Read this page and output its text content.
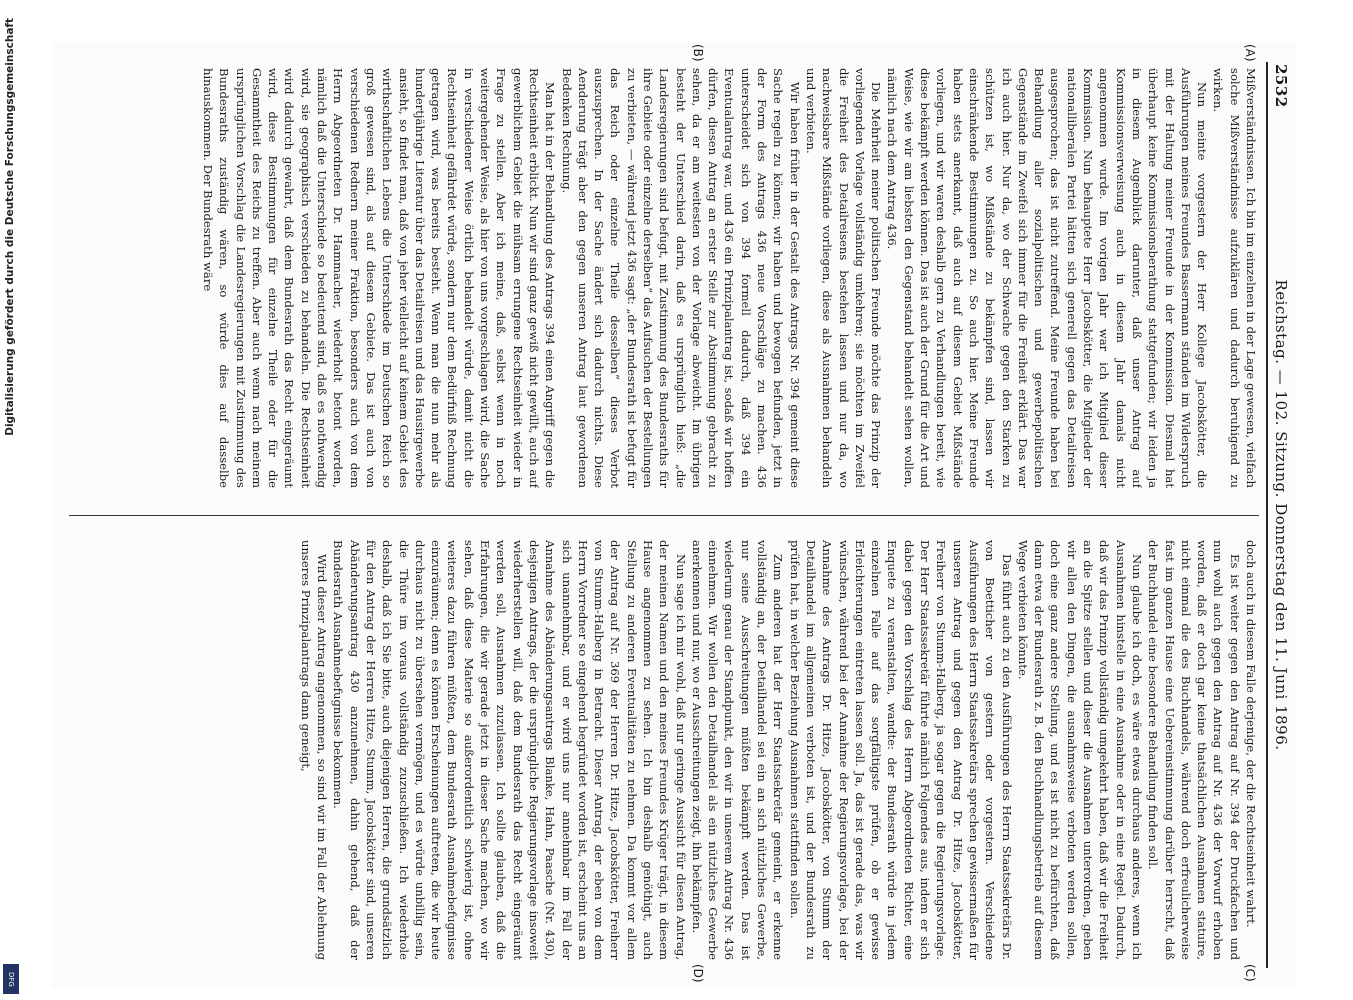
2532
Reichstag. — 102. Sitzung. Donnerstag den 11. Juni 1896.
(A)
(B)
(C)
(D)

Mißverständnissen. Ich bin im einzelnen in der Lage gewesen, vielfach solche Mißverständnisse aufzuklären und dadurch beruhigend zu wirken.

Nun meinte vorgestern der Herr Kollege Jacobskötter, die Ausführungen meines Freundes Bassermann ständen im Widerspruch mit der Haltung meiner Freunde in der Kommission. Diesmal hat überhaupt keine Kommissionsberathung stattgefunden; wir leiden ja in diesem Augenblick darunter, daß unser Antrag auf Kommissionsverweisung auch in diesem Jahr damals nicht angenommen wurde. Im vorigen Jahr war ich Mitglied dieser Kommission. Nun behauptete Herr Jacobskötter, die Mitglieder der nationalliberalen Partei hätten sich generell gegen das Detailreisen ausgesprochen; das ist nicht zutreffend. Meine Freunde haben bei Behandlung aller sozialpolitischen und gewerbepolitischen Gegenstände im Zweifel sich immer für die Freiheit erklärt. Das war ich auch hier. Nur da, wo der Schwache gegen den Starken zu schützen ist, wo Mißstände zu bekämpfen sind, lassen wir einschränkende Bestimmungen zu. So auch hier. Meine Freunde haben stets anerkannt, daß auch auf diesem Gebiet Mißstände vorliegen, und wir waren deshalb gern zu Verhandlungen bereit, wie diese bekämpft werden können. Das ist auch der Grund für die Art und Weise, wie wir am liebsten den Gegenstand behandelt sehen wollen, nämlich nach dem Antrag 436.

Die Mehrheit meiner politischen Freunde möchte das Prinzip der vorliegenden Vorlage vollständig umkehren; sie möchten im Zweifel die Freiheit des Detailreisens bestehen lassen und nur da, wo nachweisbare Mißstände vorliegen, diese als Ausnahmen behandeln und verbieten.

Wir haben früher in der Gestalt des Antrags Nr. 394 gemeint diese Sache regeln zu können; wir haben und bewogen befunden, jetzt in der Form des Antrags 436 neue Vorschläge zu machen. 436 unterscheidet sich von 394 formell dadurch, daß 394 ein Eventualantrag war, und 436 ein Prinzipalantrag ist, sodaß wir hoffen dürfen, diesen Antrag an erster Stelle zur Abstimmung gebracht zu sehen, da er am weitesten von der Vorlage abweicht. Im übrigen besteht der Unterschied darin, daß es ursprünglich hieß: „die Landesregierungen sind befugt, mit Zustimmung des Bundesraths für ihre Gebiete oder einzelne derselben“ das Aufsuchen der Bestellungen zu verbieten, — während jetzt 436 sagt: „der Bundesrath ist befugt für das Reich oder einzelne Theile desselben“ dieses Verbot auszusprechen. In der Sache ändert sich dadurch nichts. Diese Aenderung trägt aber den gegen unseren Antrag laut gewordenen Bedenken Rechnung.

Man hat in der Behandlung des Antrags 394 einen Angriff gegen die Rechtseinheit erblickt. Nun wir sind ganz gewiß nicht gewillt, auch auf gewerblichem Gebiet die mühsam errungene Rechtseinheit wieder in Frage zu stellen. Aber ich meine, daß, selbst wenn in noch weitergehender Weise, als hier von uns vorgeschlagen wird, die Sache in verschiedener Weise örtlich behandelt würde, damit nicht die Rechtseinheit gefährdet würde, sondern nur dem Bedürfniß Rechnung getragen wird, was bereits besteht. Wenn man die nun mehr als hundertjährige Literatur über das Detailreisen und das Hausirgewerbe ansieht, so findet man, daß von jeher vielleicht auf keinem Gebiet des wirthschaftlichen Lebens die Unterschiede im Deutschen Reich so groß gewesen sind, als auf diesem Gebiete. Das ist auch von verschiedenen Rednern meiner Fraktion, besonders auch von dem Herrn Abgeordneten Dr. Hammacher, wiederholt betont worden, nämlich daß die Unterschiede so bedeutend sind, daß es nothwendig wird, sie geographisch verschieden zu behandeln. Die Rechtseinheit wird dadurch gewahrt, daß dem Bundesrath das Recht eingeräumt wird, diese Bestimmungen für einzelne Theile oder für die Gesammtheit des Reichs zu treffen. Aber auch wenn nach meinem ursprünglichen Vorschlag die Landesregierungen mit Zustimmung des Bundesraths zuständig wären, so würde dies auf dasselbe hinauskommen. Der Bundesrath wäre

doch auch in diesem Falle derjenige, der die Rechtseinheit wahrt.

Es ist weiter gegen den Antrag auf Nr. 394 der Druckfachen und nun wohl auch gegen den Antrag auf Nr. 436 der Vorwurf erhoben worden, daß er doch gar keine thatsächlichen Ausnahmen statuire, nicht einmal die des Buchhandels, während doch erfreulicherweise fast im ganzen Hause eine Uebereinstimmung darüber herrscht, daß der Buchhandel eine besondere Behandlung finden soll.

Nun glaube ich doch, es wäre etwas durchaus anderes, wenn ich Ausnahmen hinstelle in eine Ausnahme oder in eine Regel. Dadurch, daß wir das Prinzip vollständig umgekehrt haben, daß wir die Freiheit an die Spitze stellen und dieser die Ausnahmen unterordnen, geben wir allen den Dingen, die ausnahmsweise verboten werden sollen, doch eine ganz andere Stellung, und es ist nicht zu befürchten, daß dann etwa der Bundesrath z. B. den Buchhandlungsbetrieb auf diesem Wege verbieten könnte.

Das führt auch zu den Ausführungen des Herrn Staatssekretärs Dr. von Boetticher von gestern oder vorgestern. Verschiedene Ausführungen des Herrn Staatssekretärs sprechen gewissermaßen für unseren Antrag und gegen den Antrag Dr. Hitze, Jacobskötter, Freiherr von Stumm-Halberg, ja sogar gegen die Regierungsvorlage. Der Herr Staatssekretär führte nämlich Folgendes aus, indem er sich dabei gegen den Vorschlag des Herrn Abgeordneten Richter, eine Enquete zu veranstalten, wandte: der Bundesrath würde in jedem einzelnen Falle auf das sorgfältigste prüfen, ob er gewisse Erleichterungen eintreten lassen soll. Ja, das ist gerade das, was wir wünschen, während bei der Annahme der Regierungsvorlage, bei der Annahme des Antrags Dr. Hitze, Jacobskötter, von Stumm der Detailhandel im allgemeinen verboten ist, und der Bundesrath zu prüfen hat, in welcher Beziehung Ausnahmen stattfinden sollen.

Zum anderen hat der Herr Staatssekretär gemeint, er erkenne vollständig an, der Detailhandel sei ein an sich nützliches Gewerbe, nur seine Ausschreitungen müßten bekämpft werden. Das ist wiederum genau der Standpunkt, den wir in unserem Antrag Nr. 436 einnehmen. Wir wollen den Detailhandel als ein nützliches Gewerbe anerkennen und nur, wo er Ausschreitungen zeigt, ihn bekämpfen.

Nun sage ich mir wohl, daß nur geringe Aussicht für diesen Antrag, der meinen Namen und den meines Freundes Krüger trägt, in diesem Hause angenommen zu sehen. Ich bin deshalb genöthigt, auch Stellung zu anderen Eventualitäten zu nehmen. Da kommt vor allem der Antrag auf Nr. 369 der Herren Dr. Hitze, Jacobskötter, Freiherr von Stumm-Halberg in Betracht. Dieser Antrag, der eben von dem Herrn Vorredner so eingehend begründet worden ist, erscheint uns an sich unannehmbar, und er wird uns nur annehmbar im Fall der Annahme des Abänderungsantrags Blanke, Hahn, Paasche (Nr. 430), desjenigen Antrags, der die ursprüngliche Regierungsvorlage insoweit wiederherstellen will, daß dem Bundesrath das Recht eingeräumt werden soll, Ausnahmen zuzulassen. Ich sollte glauben, daß die Erfahrungen, die wir gerade jetzt in dieser Sache machen, wo wir sehen, daß diese Materie so außerordentlich schwierig ist, ohne weiteres dazu führen müßten, dem Bundesrath Ausnahmebefugnisse einzuräumen; denn es können Erscheinungen auftreten, die wir heute durchaus nicht zu übersehen vermögen, und es würde unbillig sein, die Thüre im voraus vollständig zuzuschließen. Ich wiederhole deshalb, daß ich Sie bitte, auch diejenigen Herren, die grundsätzlich für den Antrag der Herren Hitze, Stumm, Jacobskötter sind, unseren Abänderungsantrag 430 anzunehmen, dahin gehend, daß der Bundesrath Ausnahmebefugnisse bekommen.

Wird dieser Antrag angenommen, so sind wir im Fall der Ablehnung unseres Prinzipalantrags dann geneigt,

Digitalisierung gefördert durch die Deutsche Forschungsgemeinschaft
DFG
